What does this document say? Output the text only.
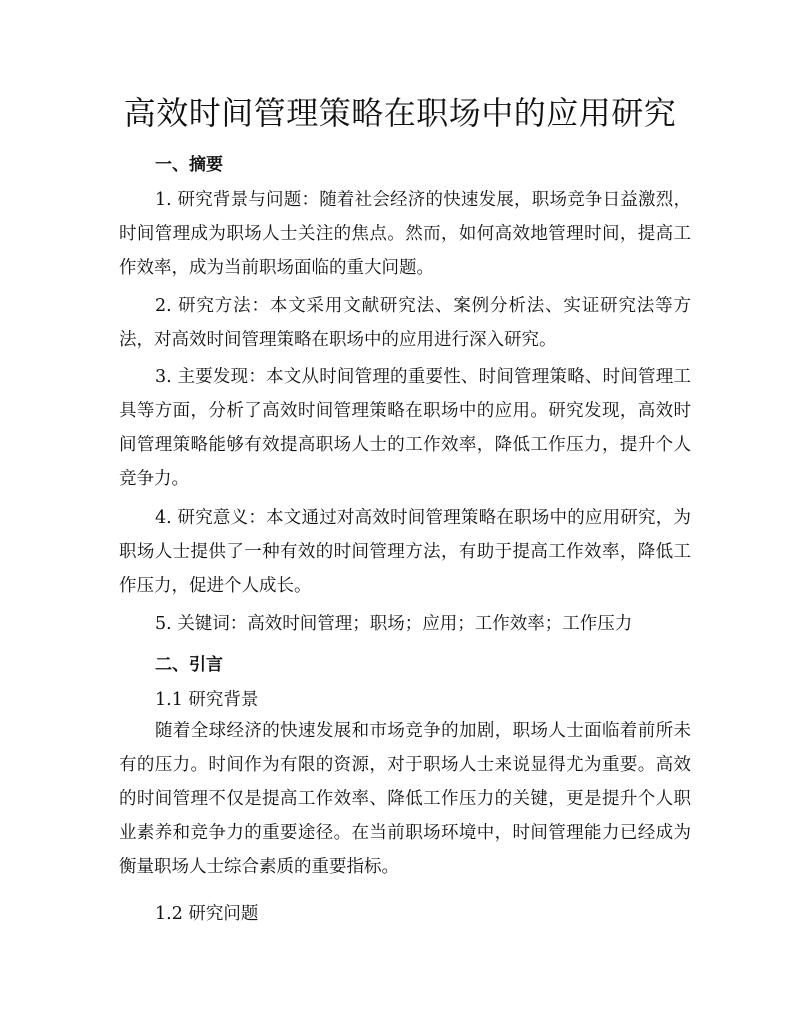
高效时间管理策略在职场中的应用研究
一、摘要

1. 研究背景与问题：随着社会经济的快速发展，职场竞争日益激烈，时间管理成为职场人士关注的焦点。然而，如何高效地管理时间，提高工作效率，成为当前职场面临的重大问题。

2. 研究方法：本文采用文献研究法、案例分析法、实证研究法等方法，对高效时间管理策略在职场中的应用进行深入研究。

3. 主要发现：本文从时间管理的重要性、时间管理策略、时间管理工具等方面，分析了高效时间管理策略在职场中的应用。研究发现，高效时间管理策略能够有效提高职场人士的工作效率，降低工作压力，提升个人竞争力。

4. 研究意义：本文通过对高效时间管理策略在职场中的应用研究，为职场人士提供了一种有效的时间管理方法，有助于提高工作效率，降低工作压力，促进个人成长。

5. 关键词：高效时间管理；职场；应用；工作效率；工作压力

二、引言

1.1 研究背景

随着全球经济的快速发展和市场竞争的加剧，职场人士面临着前所未有的压力。时间作为有限的资源，对于职场人士来说显得尤为重要。高效的时间管理不仅是提高工作效率、降低工作压力的关键，更是提升个人职业素养和竞争力的重要途径。在当前职场环境中，时间管理能力已经成为衡量职场人士综合素质的重要指标。

1.2 研究问题
